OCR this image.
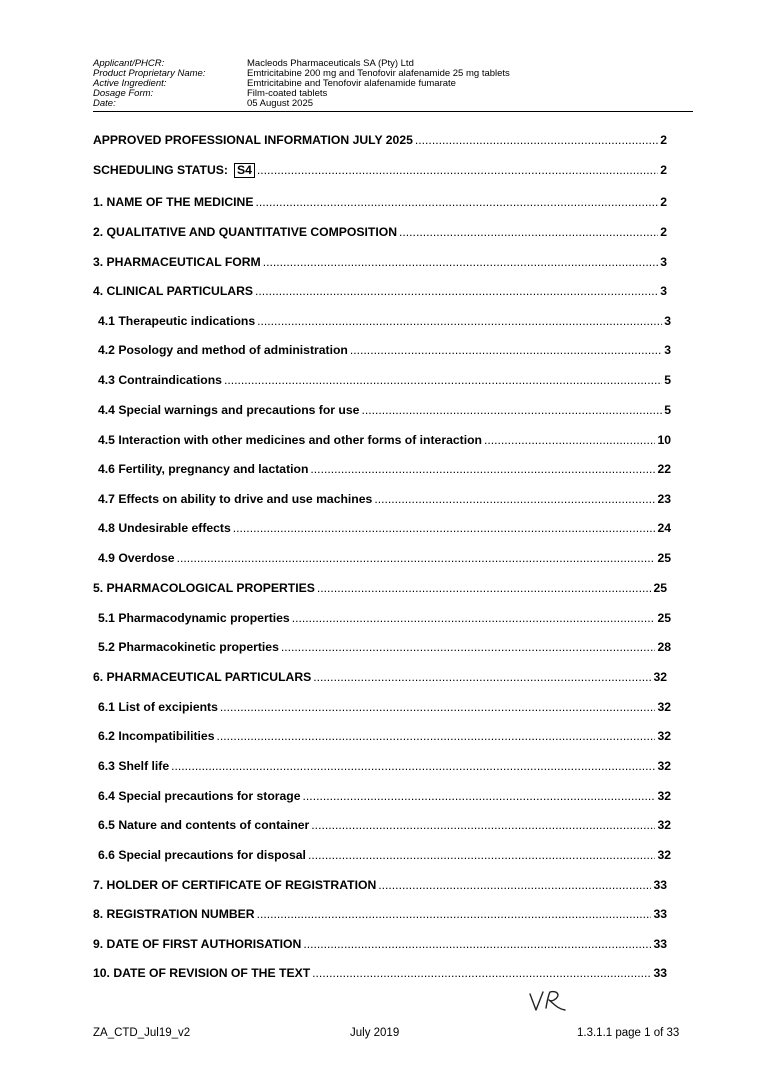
Applicant/PHCR:	Macleods Pharmaceuticals SA (Pty) Ltd
Product Proprietary Name:	Emtricitabine 200 mg and Tenofovir alafenamide 25 mg tablets
Active Ingredient:	Emtricitabine and Tenofovir alafenamide fumarate
Dosage Form:	Film-coated tablets
Date:	05 August 2025
APPROVED PROFESSIONAL INFORMATION JULY 2025 .....	2
SCHEDULING STATUS: S4 .....	2
1. NAME OF THE MEDICINE .....	2
2. QUALITATIVE AND QUANTITATIVE COMPOSITION .....	2
3. PHARMACEUTICAL FORM .....	3
4. CLINICAL PARTICULARS .....	3
4.1 Therapeutic indications .....	3
4.2 Posology and method of administration .....	3
4.3 Contraindications .....	5
4.4 Special warnings and precautions for use .....	5
4.5 Interaction with other medicines and other forms of interaction .....	10
4.6 Fertility, pregnancy and lactation .....	22
4.7 Effects on ability to drive and use machines .....	23
4.8 Undesirable effects .....	24
4.9 Overdose .....	25
5. PHARMACOLOGICAL PROPERTIES .....	25
5.1 Pharmacodynamic properties .....	25
5.2 Pharmacokinetic properties .....	28
6. PHARMACEUTICAL PARTICULARS .....	32
6.1 List of excipients .....	32
6.2 Incompatibilities .....	32
6.3 Shelf life .....	32
6.4 Special precautions for storage .....	32
6.5 Nature and contents of container .....	32
6.6 Special precautions for disposal .....	32
7. HOLDER OF CERTIFICATE OF REGISTRATION .....	33
8. REGISTRATION NUMBER .....	33
9. DATE OF FIRST AUTHORISATION .....	33
10. DATE OF REVISION OF THE TEXT .....	33
ZA_CTD_Jul19_v2	July 2019	1.3.1.1 page 1 of 33
